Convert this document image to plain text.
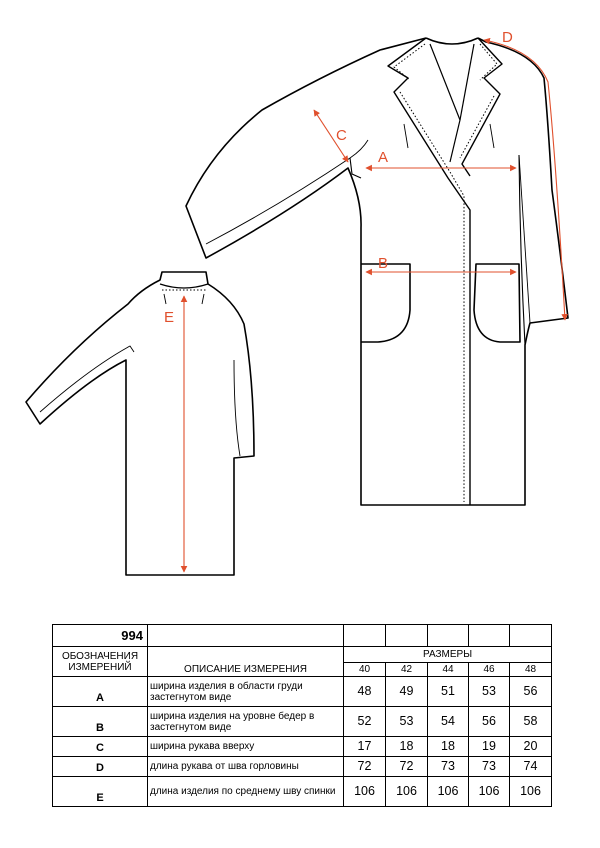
A
B
C
D
E
994						
ОБОЗНАЧЕНИЯ ИЗМЕРЕНИЙ	ОПИСАНИЕ ИЗМЕРЕНИЯ	РАЗМЕРЫ				
		40	42	44	46	48
A	ширина изделия в области груди застегнутом виде	48	49	51	53	56
B	ширина изделия на уровне бедер в застегнутом виде	52	53	54	56	58
C	ширина рукава вверху	17	18	18	19	20
D	длина рукава от шва горловины	72	72	73	73	74
E	длина изделия по среднему шву спинки	106	106	106	106	106
